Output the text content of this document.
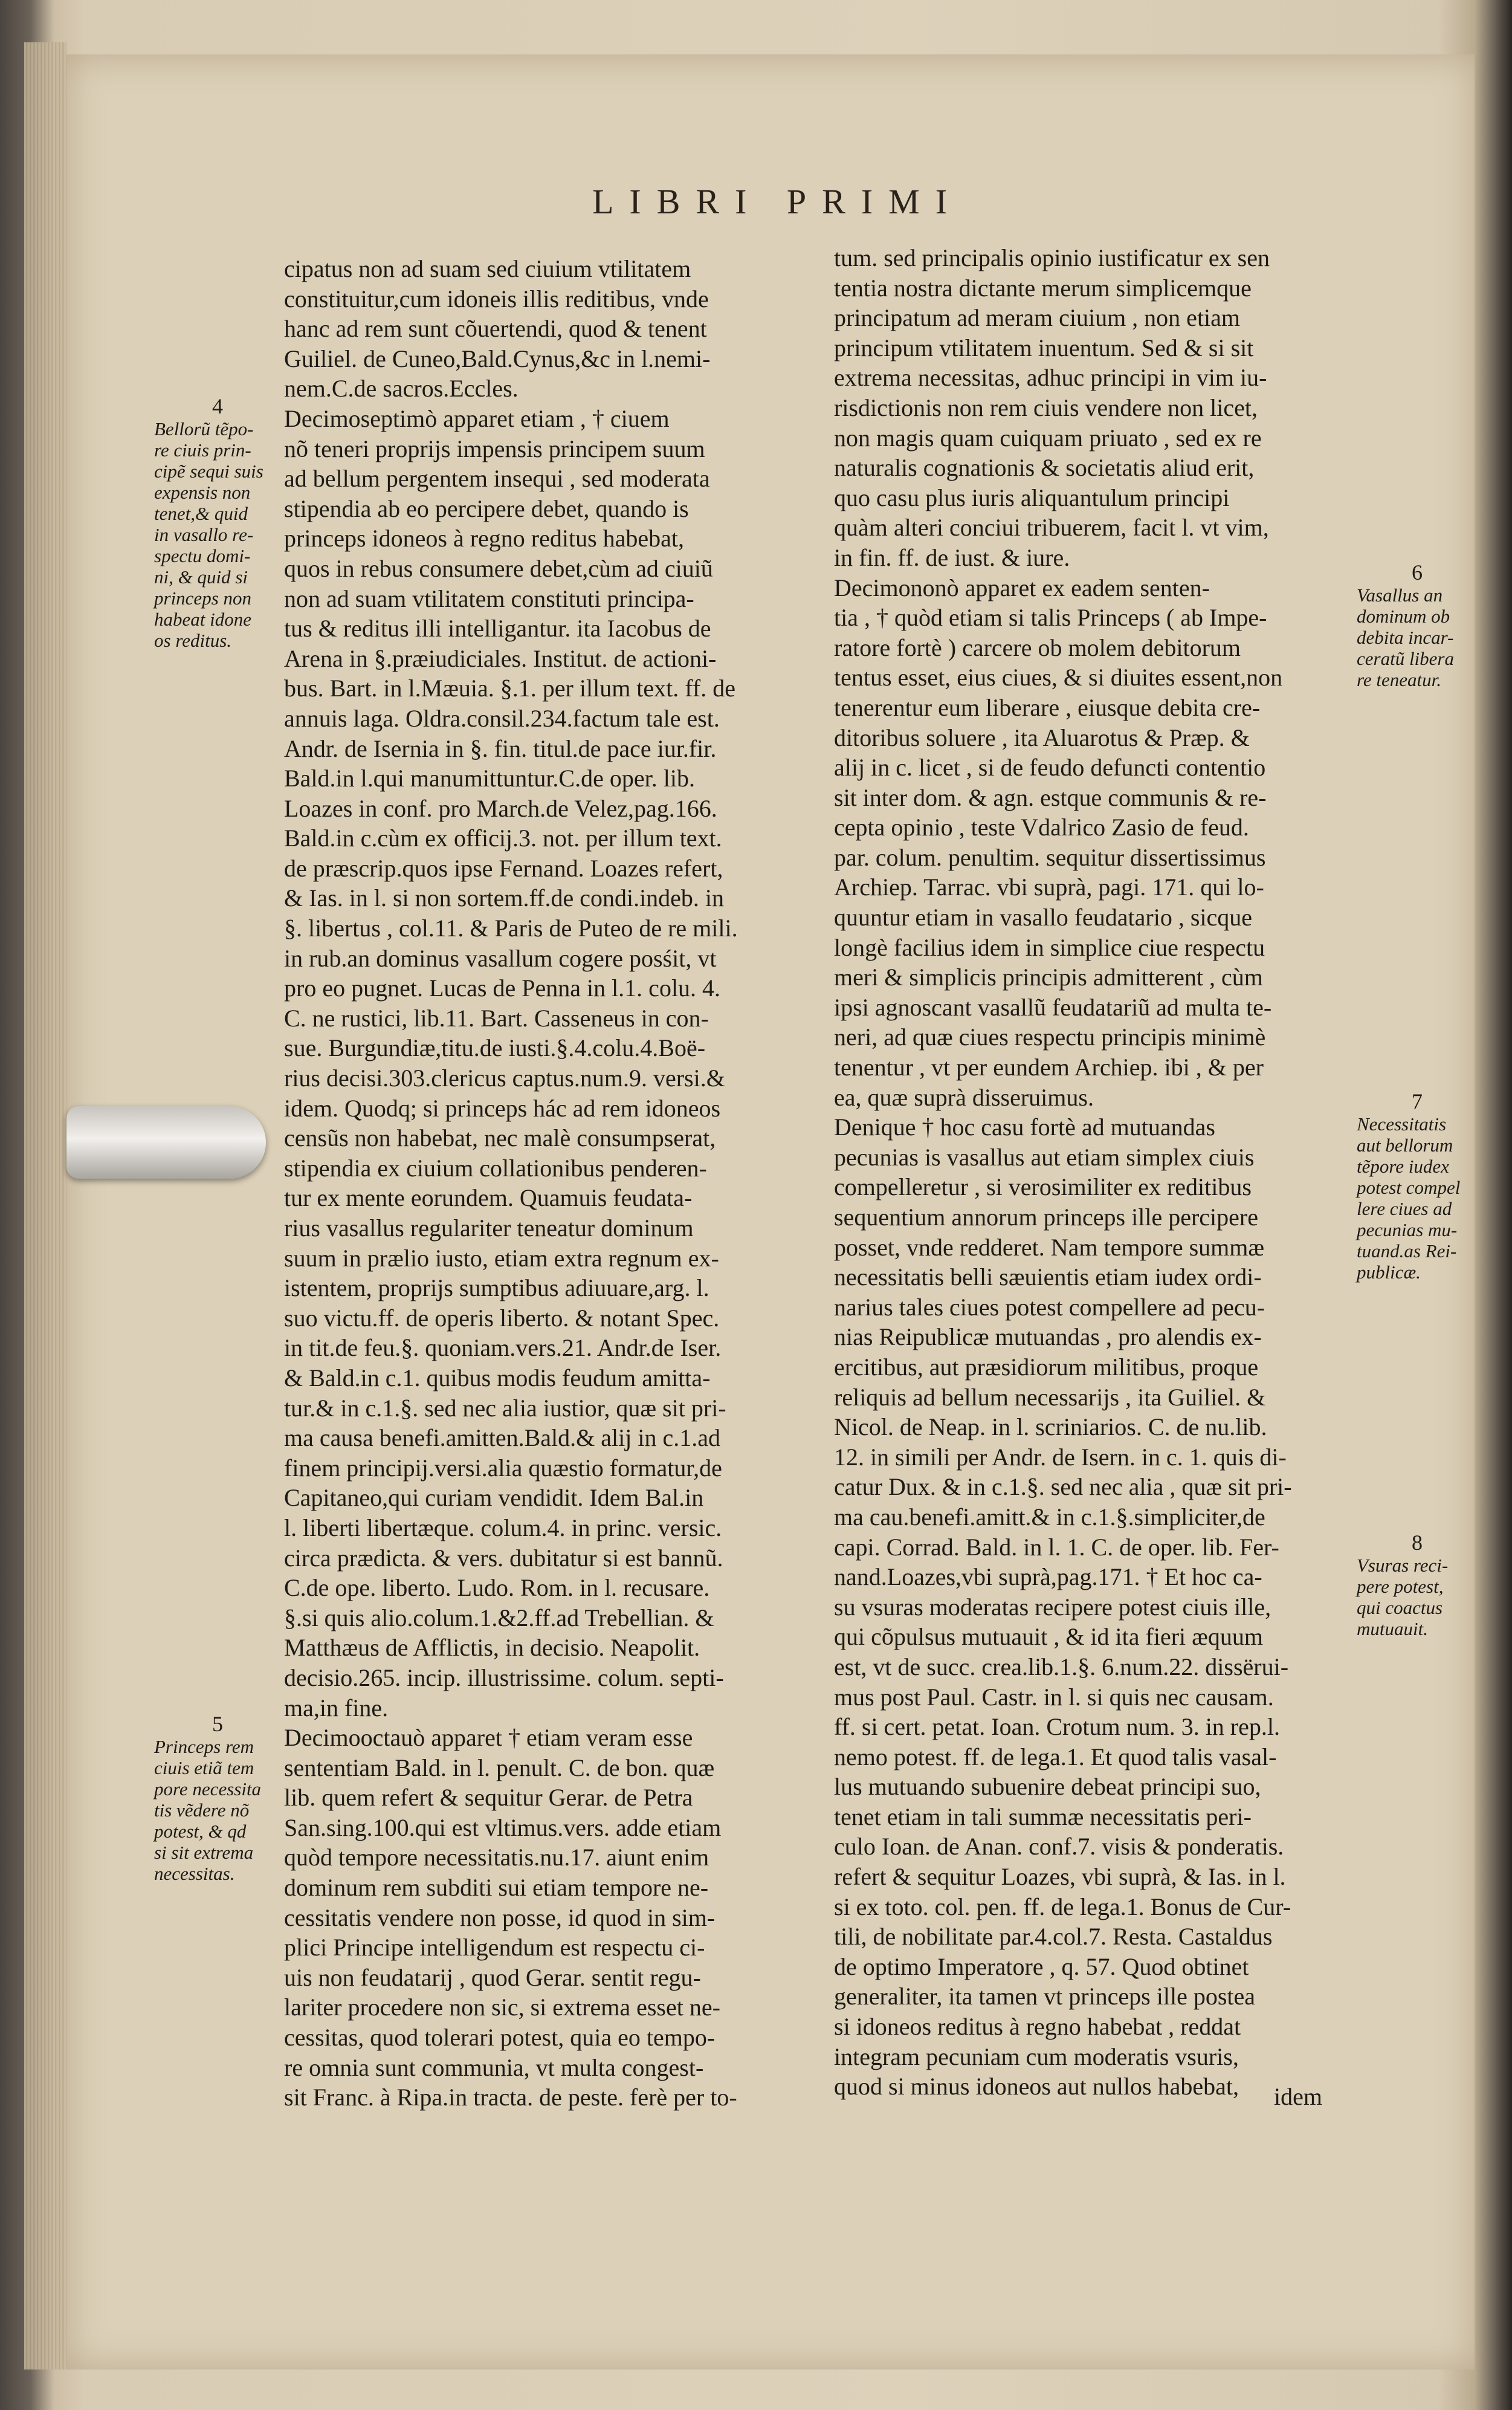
LIBRI PRIMI
cipatus non ad suam sed ciuium vtilitatem
constituitur,cum idoneis illis reditibus, vnde
hanc ad rem sunt cõuertendi, quod & tenent
Guiliel. de Cuneo,Bald.Cynus,&c in l.nemi-
nem.C.de sacros.Eccles.
Decimoseptimò apparet etiam , † ciuem
nõ teneri proprijs impensis principem suum
ad bellum pergentem insequi , sed moderata
stipendia ab eo percipere debet, quando is
princeps idoneos à regno reditus habebat,
quos in rebus consumere debet,cùm ad ciuiũ
non ad suam vtilitatem constituti principa-
tus & reditus illi intelligantur. ita Iacobus de
Arena in §.præiudiciales. Institut. de actioni-
bus. Bart. in l.Mæuia. §.1. per illum text. ff. de
annuis laga. Oldra.consil.234.factum tale est.
Andr. de Isernia in §. fin. titul.de pace iur.fir.
Bald.in l.qui manumittuntur.C.de oper. lib.
Loazes in conf. pro March.de Velez,pag.166.
Bald.in c.cùm ex officij.3. not. per illum text.
de præscrip.quos ipse Fernand. Loazes refert,
& Ias. in l. si non sortem.ff.de condi.indeb. in
§. libertus , col.11. & Paris de Puteo de re mili.
in rub.an dominus vasallum cogere posśit, vt
pro eo pugnet. Lucas de Penna in l.1. colu. 4.
C. ne rustici, lib.11. Bart. Casseneus in con-
sue. Burgundiæ,titu.de iusti.§.4.colu.4.Boë-
rius decisi.303.clericus captus.num.9. versi.&
idem. Quodq; si princeps hác ad rem idoneos
censũs non habebat, nec malè consumpserat,
stipendia ex ciuium collationibus penderen-
tur ex mente eorundem. Quamuis feudata-
rius vasallus regulariter teneatur dominum
suum in prælio iusto, etiam extra regnum ex-
istentem, proprijs sumptibus adiuuare,arg. l.
suo victu.ff. de operis liberto. & notant Spec.
in tit.de feu.§. quoniam.vers.21. Andr.de Iser.
& Bald.in c.1. quibus modis feudum amitta-
tur.& in c.1.§. sed nec alia iustior, quæ sit pri-
ma causa benefi.amitten.Bald.& alij in c.1.ad
finem principij.versi.alia quæstio formatur,de
Capitaneo,qui curiam vendidit. Idem Bal.in
l. liberti libertæque. colum.4. in princ. versic.
circa prædicta. & vers. dubitatur si est bannũ.
C.de ope. liberto. Ludo. Rom. in l. recusare.
§.si quis alio.colum.1.&2.ff.ad Trebellian. &
Matthæus de Afflictis, in decisio. Neapolit.
decisio.265. incip. illustrissime. colum. septi-
ma,in fine.
Decimooctauò apparet † etiam veram esse
sententiam Bald. in l. penult. C. de bon. quæ
lib. quem refert & sequitur Gerar. de Petra
San.sing.100.qui est vltimus.vers. adde etiam
quòd tempore necessitatis.nu.17. aiunt enim
dominum rem subditi sui etiam tempore ne-
cessitatis vendere non posse, id quod in sim-
plici Principe intelligendum est respectu ci-
uis non feudatarij , quod Gerar. sentit regu-
lariter procedere non sic, si extrema esset ne-
cessitas, quod tolerari potest, quia eo tempo-
re omnia sunt communia, vt multa congest-
sit Franc. à Ripa.in tracta. de peste. ferè per to-
tum. sed principalis opinio iustificatur ex sen
tentia nostra dictante merum simplicemque
principatum ad meram ciuium , non etiam
principum vtilitatem inuentum. Sed & si sit
extrema necessitas, adhuc principi in vim iu-
risdictionis non rem ciuis vendere non licet,
non magis quam cuiquam priuato , sed ex re
naturalis cognationis & societatis aliud erit,
quo casu plus iuris aliquantulum principi
quàm alteri conciui tribuerem, facit l. vt vim,
in fin. ff. de iust. & iure.
Decimononò apparet ex eadem senten-
tia , † quòd etiam si talis Princeps ( ab Impe-
ratore fortè ) carcere ob molem debitorum
tentus esset, eius ciues, & si diuites essent,non
tenerentur eum liberare , eiusque debita cre-
ditoribus soluere , ita Aluarotus & Præp. &
alij in c. licet , si de feudo defuncti contentio
sit inter dom. & agn. estque communis & re-
cepta opinio , teste Vdalrico Zasio de feud.
par. colum. penultim. sequitur dissertissimus
Archiep. Tarrac. vbi suprà, pagi. 171. qui lo-
quuntur etiam in vasallo feudatario , sicque
longè facilius idem in simplice ciue respectu
meri & simplicis principis admitterent , cùm
ipsi agnoscant vasallũ feudatariũ ad multa te-
neri, ad quæ ciues respectu principis minimè
tenentur , vt per eundem Archiep. ibi , & per
ea, quæ suprà disseruimus.
Denique † hoc casu fortè ad mutuandas
pecunias is vasallus aut etiam simplex ciuis
compelleretur , si verosimiliter ex reditibus
sequentium annorum princeps ille percipere
posset, vnde redderet. Nam tempore summæ
necessitatis belli sæuientis etiam iudex ordi-
narius tales ciues potest compellere ad pecu-
nias Reipublicæ mutuandas , pro alendis ex-
ercitibus, aut præsidiorum militibus, proque
reliquis ad bellum necessarijs , ita Guiliel. &
Nicol. de Neap. in l. scriniarios. C. de nu.lib.
12. in simili per Andr. de Isern. in c. 1. quis di-
catur Dux. & in c.1.§. sed nec alia , quæ sit pri-
ma cau.benefi.amitt.& in c.1.§.simpliciter,de
capi. Corrad. Bald. in l. 1. C. de oper. lib. Fer-
nand.Loazes,vbi suprà,pag.171. † Et hoc ca-
su vsuras moderatas recipere potest ciuis ille,
qui cõpulsus mutuauit , & id ita fieri æquum
est, vt de succ. crea.lib.1.§. 6.num.22. dissërui-
mus post Paul. Castr. in l. si quis nec causam.
ff. si cert. petat. Ioan. Crotum num. 3. in rep.l.
nemo potest. ff. de lega.1. Et quod talis vasal-
lus mutuando subuenire debeat principi suo,
tenet etiam in tali summæ necessitatis peri-
culo Ioan. de Anan. conf.7. visis & ponderatis.
refert & sequitur Loazes, vbi suprà, & Ias. in l.
si ex toto. col. pen. ff. de lega.1. Bonus de Cur-
tili, de nobilitate par.4.col.7. Resta. Castaldus
de optimo Imperatore , q. 57. Quod obtinet
generaliter, ita tamen vt princeps ille postea
si idoneos reditus à regno habebat , reddat
integram pecuniam cum moderatis vsuris,
quod si minus idoneos aut nullos habebat,
4
Bellorũ tẽpo-
re ciuis prin-
cipẽ sequi suis
expensis non
tenet,& quid
in vasallo re-
spectu domi-
ni, & quid si
princeps non
habeat idone
os reditus.
5
Princeps rem
ciuis etiã tem
pore necessita
tis vẽdere nõ
potest, & qd
si sit extrema
necessitas.
6
Vasallus an
dominum ob
debita incar-
ceratũ libera
re teneatur.
7
Necessitatis
aut bellorum
tẽpore iudex
potest compel
lere ciues ad
pecunias mu-
tuand.as Rei-
publicæ.
8
Vsuras reci-
pere potest,
qui coactus
mutuauit.
idem
